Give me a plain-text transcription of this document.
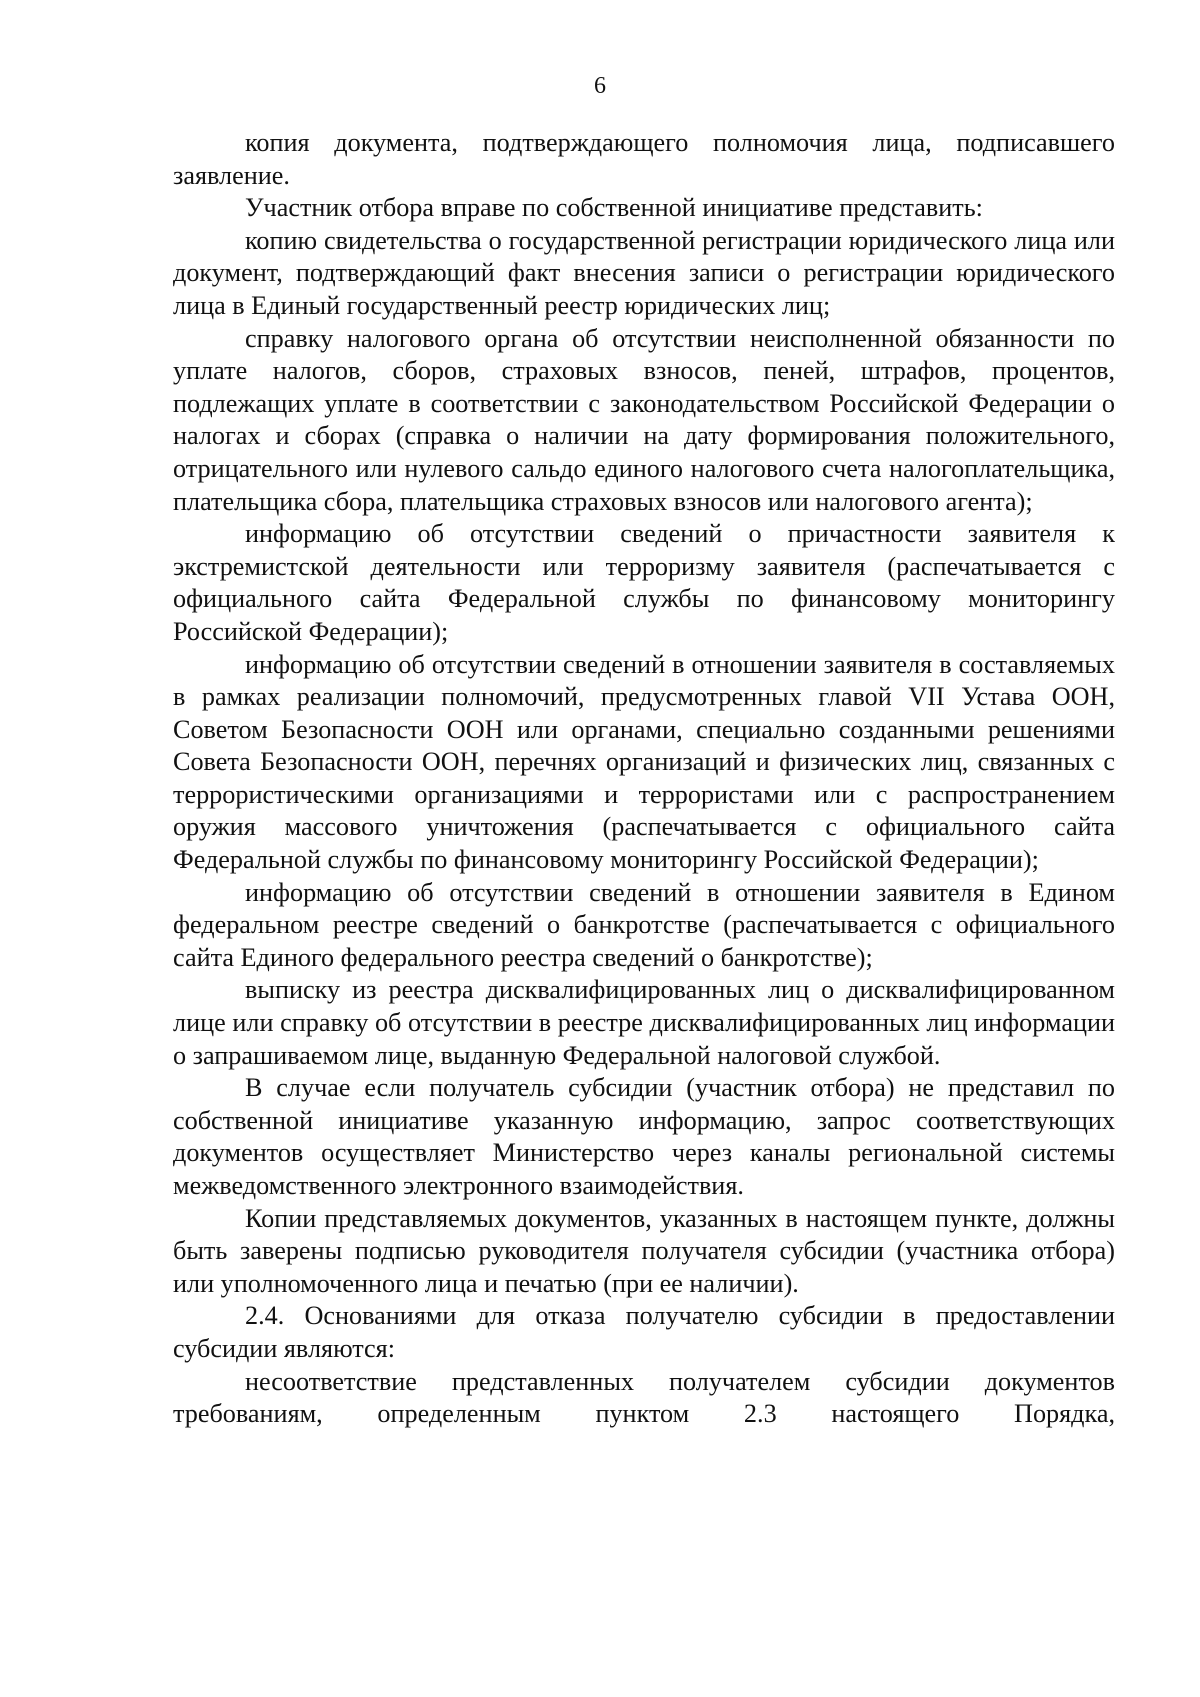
6

копия документа, подтверждающего полномочия лица, подписавшего заявление.

Участник отбора вправе по собственной инициативе представить:

копию свидетельства о государственной регистрации юридического лица или документ, подтверждающий факт внесения записи о регистрации юридического лица в Единый государственный реестр юридических лиц;

справку налогового органа об отсутствии неисполненной обязанности по уплате налогов, сборов, страховых взносов, пеней, штрафов, процентов, подлежащих уплате в соответствии с законодательством Российской Федерации о налогах и сборах (справка о наличии на дату формирования положительного, отрицательного или нулевого сальдо единого налогового счета налогоплательщика, плательщика сбора, плательщика страховых взносов или налогового агента);

информацию об отсутствии сведений о причастности заявителя к экстремистской деятельности или терроризму заявителя (распечатывается с официального сайта Федеральной службы по финансовому мониторингу Российской Федерации);

информацию об отсутствии сведений в отношении заявителя в составляемых в рамках реализации полномочий, предусмотренных главой VII Устава ООН, Советом Безопасности ООН или органами, специально созданными решениями Совета Безопасности ООН, перечнях организаций и физических лиц, связанных с террористическими организациями и террористами или с распространением оружия массового уничтожения (распечатывается с официального сайта Федеральной службы по финансовому мониторингу Российской Федерации);

информацию об отсутствии сведений в отношении заявителя в Едином федеральном реестре сведений о банкротстве (распечатывается с официального сайта Единого федерального реестра сведений о банкротстве);

выписку из реестра дисквалифицированных лиц о дисквалифицированном лице или справку об отсутствии в реестре дисквалифицированных лиц информации о запрашиваемом лице, выданную Федеральной налоговой службой.

В случае если получатель субсидии (участник отбора) не представил по собственной инициативе указанную информацию, запрос соответствующих документов осуществляет Министерство через каналы региональной системы межведомственного электронного взаимодействия.

Копии представляемых документов, указанных в настоящем пункте, должны быть заверены подписью руководителя получателя субсидии (участника отбора) или уполномоченного лица и печатью (при ее наличии).

2.4. Основаниями для отказа получателю субсидии в предоставлении субсидии являются:

несоответствие представленных получателем субсидии документов требованиям, определенным пунктом 2.3 настоящего Порядка,
